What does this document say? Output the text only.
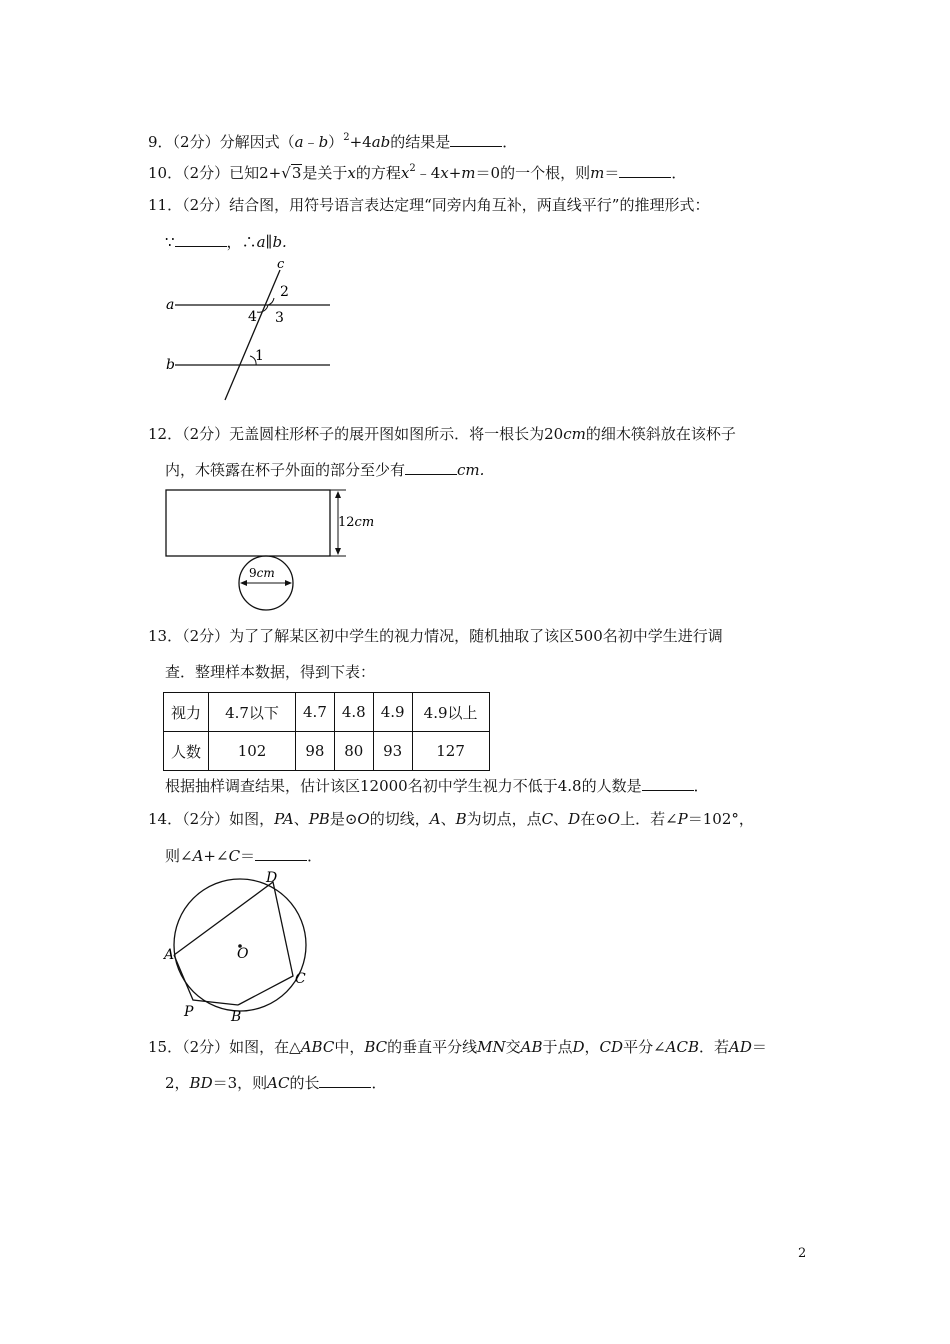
9．（2分）分解因式（a﹣b）$^2$+4ab的结果是	．
10．（2分）已知2+√3是关于x的方程$x^2﹣4x+m=0$的一个根，则m＝	．
11．（2分）结合图，用符号语言表达定理“同旁内角互补，两直线平行”的推理形式：
∵	，∴a∥b.
c
a
b
2
4 3
1
12．（2分）无盖圆柱形杯子的展开图如图所示．将一根长为20cm的细木筷斜放在该杯子
内，木筷露在杯子外面的部分至少有	cm.
12cm
9cm
13．（2分）为了了解某区初中学生的视力情况，随机抽取了该区500名初中学生进行调
查．整理样本数据，得到下表：
视力	4.7以下	4.7	4.8	4.9	4.9以上
人数	102	98	80	93	127
根据抽样调查结果，估计该区12000名初中学生视力不低于4.8的人数是	．
14．（2分）如图，PA、PB是⊙O的切线，A、B为切点，点C、D在⊙O上．若∠P＝102°，
则∠A+∠C＝	．
D
A	O
C
P	B
15．（2分）如图，在△ABC中，BC的垂直平分线MN交AB于点D，CD平分∠ACB．若AD＝
2，BD＝3，则AC的长	．
2
